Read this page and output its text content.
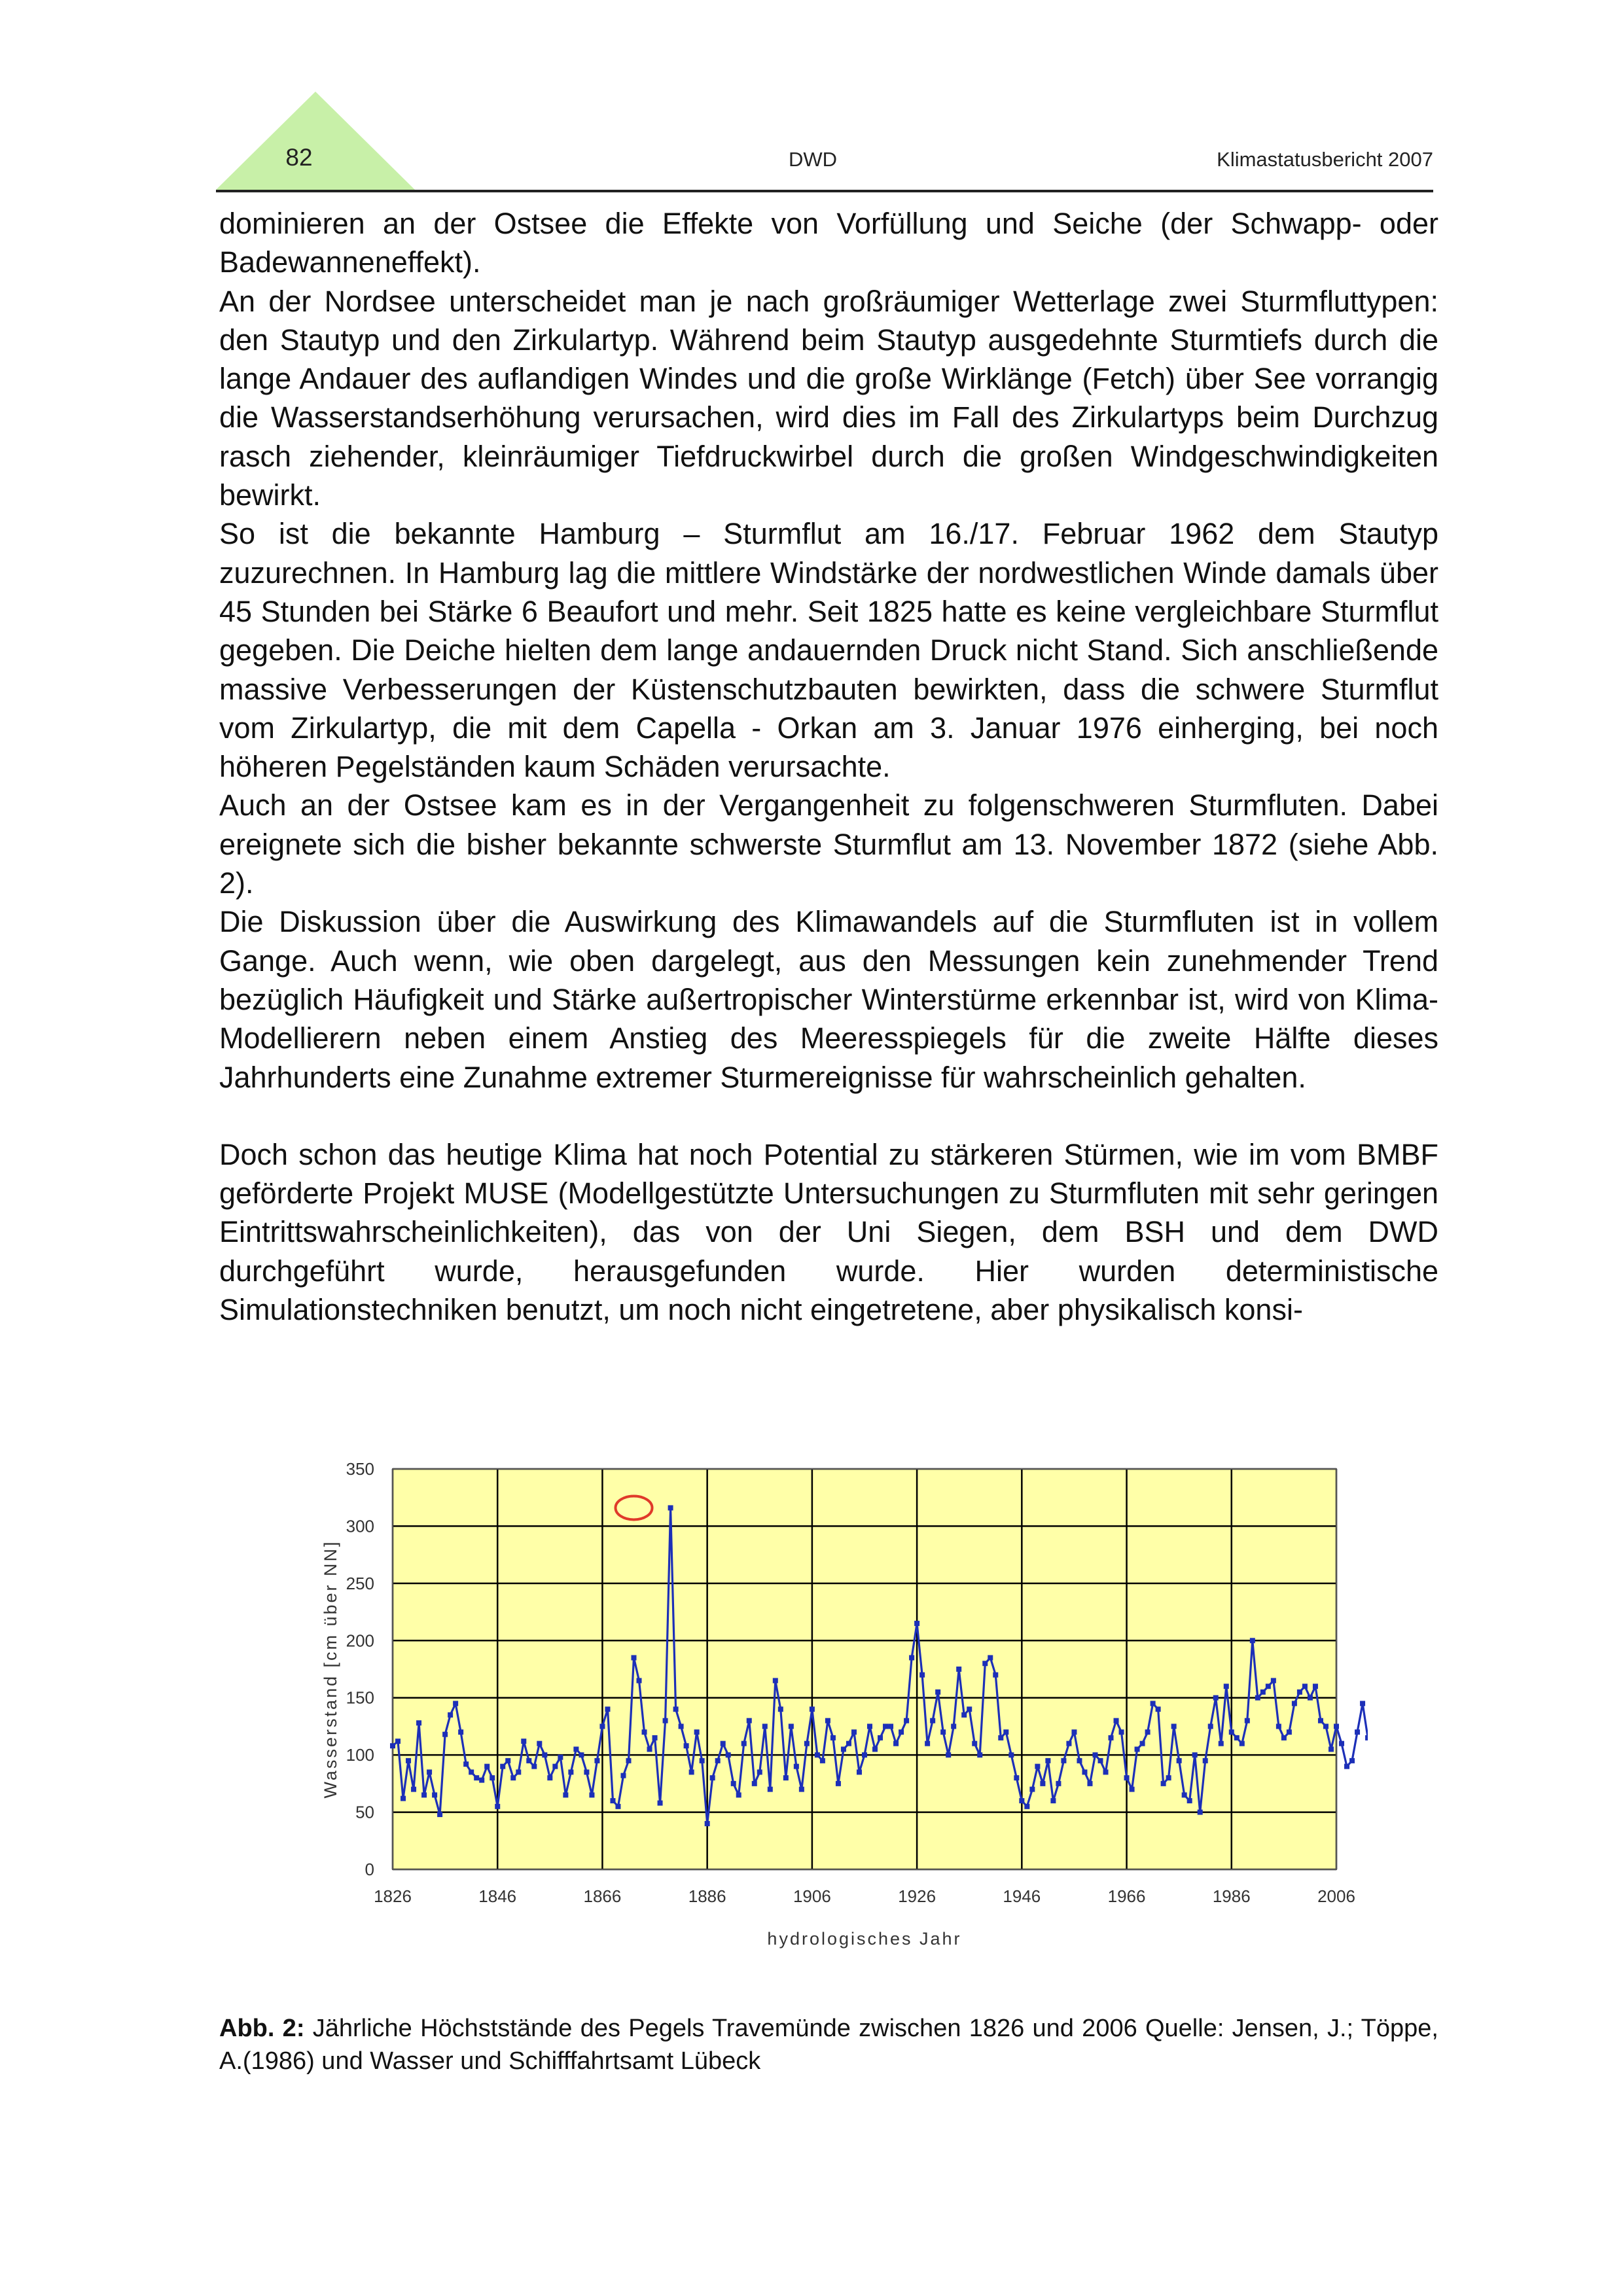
82	DWD	Klimastatusbericht 2007

dominieren an der Ostsee die Effekte von Vorfüllung und Seiche (der Schwapp- oder Badewanneneffekt).

An der Nordsee unterscheidet man je nach großräumiger Wetterlage zwei Sturmfluttypen: den Stautyp und den Zirkulartyp. Während beim Stautyp ausgedehnte Sturmtiefs durch die lange Andauer des auflandigen Windes und die große Wirklänge (Fetch) über See vorrangig die Wasserstandserhöhung verursachen, wird dies im Fall des Zirkulartyps beim Durchzug rasch ziehender, kleinräumiger Tiefdruckwirbel durch die großen Windgeschwindigkeiten bewirkt.

So ist die bekannte Hamburg – Sturmflut am 16./17. Februar 1962 dem Stautyp zuzurechnen. In Hamburg lag die mittlere Windstärke der nordwestlichen Winde damals über 45 Stunden bei Stärke 6 Beaufort und mehr. Seit 1825 hatte es keine vergleichbare Sturmflut gegeben. Die Deiche hielten dem lange andauernden Druck nicht Stand. Sich anschließende massive Verbesserungen der Küstenschutzbauten bewirkten, dass die schwere Sturmflut vom Zirkulartyp, die mit dem Capella - Orkan am 3. Januar 1976 einherging, bei noch höheren Pegelständen kaum Schäden verursachte.

Auch an der Ostsee kam es in der Vergangenheit zu folgenschweren Sturmfluten. Dabei ereignete sich die bisher bekannte schwerste Sturmflut am 13. November 1872 (siehe Abb. 2).

Die Diskussion über die Auswirkung des Klimawandels auf die Sturmfluten ist in vollem Gange. Auch wenn, wie oben dargelegt, aus den Messungen kein zunehmender Trend bezüglich Häufigkeit und Stärke außertropischer Winterstürme erkennbar ist, wird von Klima-Modellierern neben einem Anstieg des Meeresspiegels für die zweite Hälfte dieses Jahrhunderts eine Zunahme extremer Sturmereignisse für wahrscheinlich gehalten.

Doch schon das heutige Klima hat noch Potential zu stärkeren Stürmen, wie im vom BMBF geförderte Projekt MUSE (Modellgestützte Untersuchungen zu Sturmfluten mit sehr geringen Eintrittswahrscheinlichkeiten), das von der Uni Siegen, dem BSH und dem DWD durchgeführt wurde, herausgefunden wurde. Hier wurden deterministische Simulationstechniken benutzt, um noch nicht eingetretene, aber physikalisch konsi-

0
50
100
150
200
250
300
350
1826	1846	1866	1886	1906	1926	1946	1966	1986	2006
Wasserstand [cm über NN]
hydrologisches Jahr
Abb. 2: Jährliche Höchststände des Pegels Travemünde zwischen 1826 und 2006 Quelle: Jensen, J.; Töppe, A.(1986) und Wasser und Schifffahrtsamt Lübeck
